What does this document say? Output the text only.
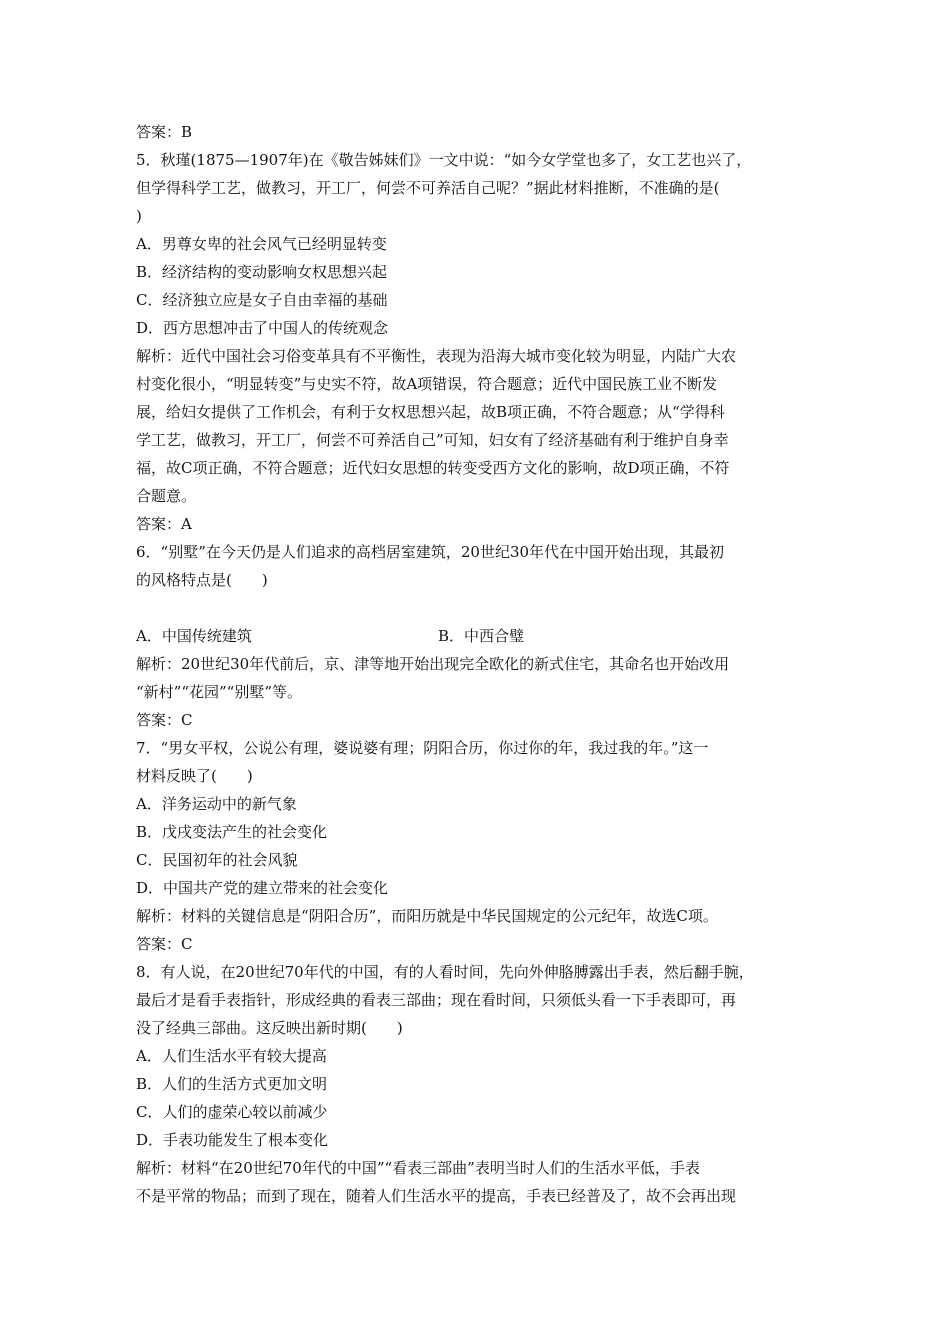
答案：B
5．秋瑾(1875—1907年)在《敬告姊妹们》一文中说：“如今女学堂也多了，女工艺也兴了，
但学得科学工艺，做教习，开工厂，何尝不可养活自己呢？”据此材料推断，不准确的是(
)
A．男尊女卑的社会风气已经明显转变
B．经济结构的变动影响女权思想兴起
C．经济独立应是女子自由幸福的基础
D．西方思想冲击了中国人的传统观念
解析：近代中国社会习俗变革具有不平衡性，表现为沿海大城市变化较为明显，内陆广大农
村变化很小，“明显转变”与史实不符，故A项错误，符合题意；近代中国民族工业不断发
展，给妇女提供了工作机会，有利于女权思想兴起，故B项正确，不符合题意；从“学得科
学工艺，做教习，开工厂，何尝不可养活自己”可知，妇女有了经济基础有利于维护自身幸
福，故C项正确，不符合题意；近代妇女思想的转变受西方文化的影响，故D项正确，不符
合题意。
答案：A
6．“别墅”在今天仍是人们追求的高档居室建筑，20世纪30年代在中国开始出现，其最初
的风格特点是(　　)
A．中国传统建筑	B．中西合璧
解析：20世纪30年代前后，京、津等地开始出现完全欧化的新式住宅，其命名也开始改用
“新村”“花园”“别墅”等。
答案：C
7．“男女平权，公说公有理，婆说婆有理；阴阳合历，你过你的年，我过我的年。”这一
材料反映了(　　)
A．洋务运动中的新气象
B．戊戌变法产生的社会变化
C．民国初年的社会风貌
D．中国共产党的建立带来的社会变化
解析：材料的关键信息是“阴阳合历”，而阳历就是中华民国规定的公元纪年，故选C项。
答案：C
8．有人说，在20世纪70年代的中国，有的人看时间，先向外伸胳膊露出手表，然后翻手腕，
最后才是看手表指针，形成经典的看表三部曲；现在看时间，只须低头看一下手表即可，再
没了经典三部曲。这反映出新时期(　　)
A．人们生活水平有较大提高
B．人们的生活方式更加文明
C．人们的虚荣心较以前减少
D．手表功能发生了根本变化
解析：材料“在20世纪70年代的中国”“看表三部曲”表明当时人们的生活水平低，手表
不是平常的物品；而到了现在，随着人们生活水平的提高，手表已经普及了，故不会再出现
